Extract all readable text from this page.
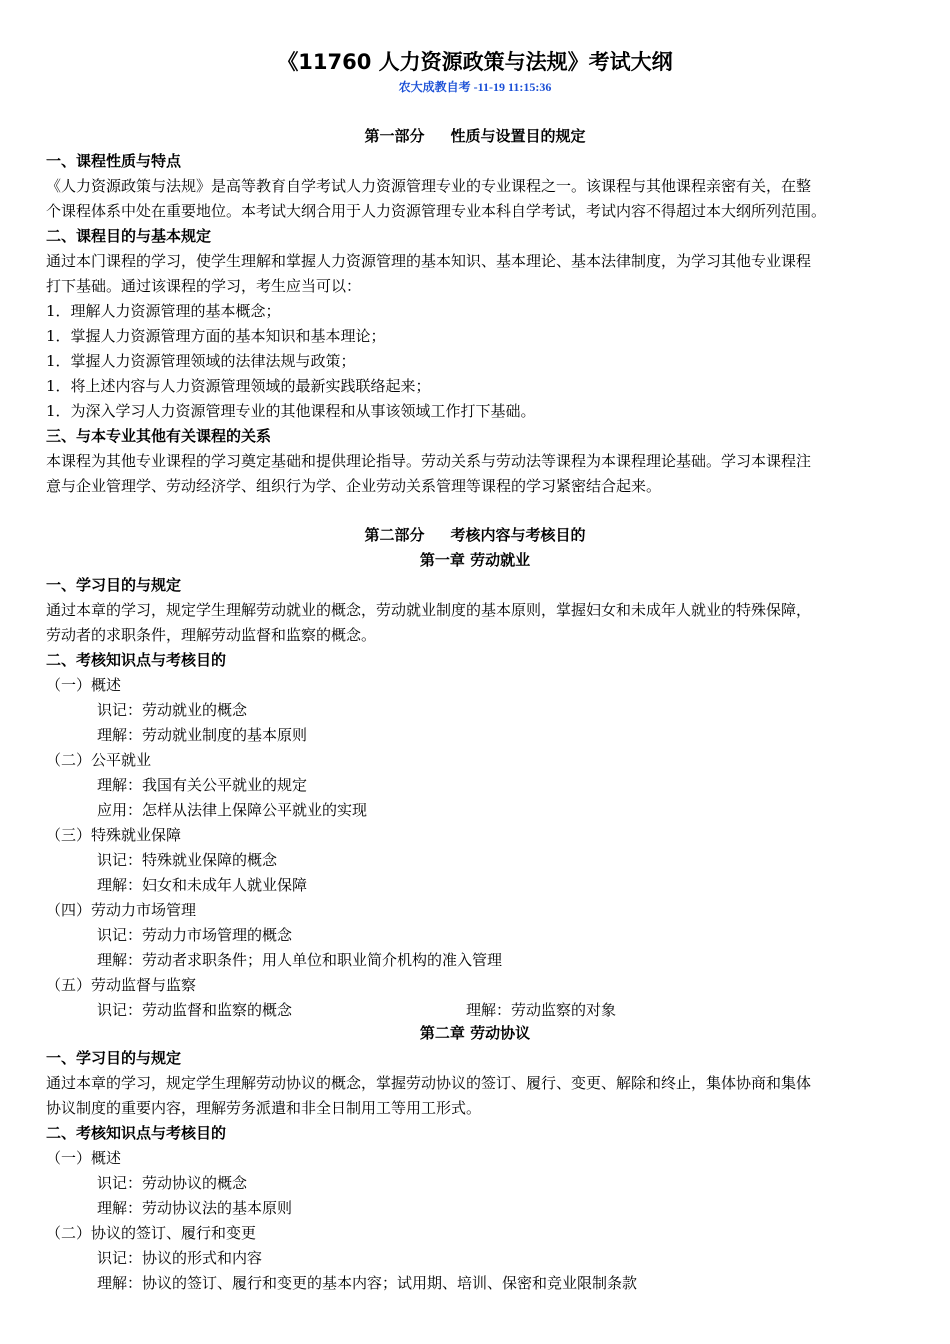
《11760 人力资源政策与法规》考试大纲
农大成教自考 -11-19 11:15:36
第一部分 性质与设置目的规定
一、课程性质与特点
《人力资源政策与法规》是高等教育自学考试人力资源管理专业的专业课程之一。该课程与其他课程亲密有关，在整
个课程体系中处在重要地位。本考试大纲合用于人力资源管理专业本科自学考试，考试内容不得超过本大纲所列范围。
二、课程目的与基本规定
通过本门课程的学习，使学生理解和掌握人力资源管理的基本知识、基本理论、基本法律制度，为学习其他专业课程
打下基础。通过该课程的学习，考生应当可以：
1．理解人力资源管理的基本概念；
1．掌握人力资源管理方面的基本知识和基本理论；
1．掌握人力资源管理领域的法律法规与政策；
1．将上述内容与人力资源管理领域的最新实践联络起来；
1．为深入学习人力资源管理专业的其他课程和从事该领域工作打下基础。
三、与本专业其他有关课程的关系
本课程为其他专业课程的学习奠定基础和提供理论指导。劳动关系与劳动法等课程为本课程理论基础。学习本课程注
意与企业管理学、劳动经济学、组织行为学、企业劳动关系管理等课程的学习紧密结合起来。
第二部分 考核内容与考核目的
第一章 劳动就业
一、学习目的与规定
通过本章的学习，规定学生理解劳动就业的概念，劳动就业制度的基本原则，掌握妇女和未成年人就业的特殊保障，
劳动者的求职条件，理解劳动监督和监察的概念。
二、考核知识点与考核目的
（一）概述
识记：劳动就业的概念
理解：劳动就业制度的基本原则
（二）公平就业
理解：我国有关公平就业的规定
应用：怎样从法律上保障公平就业的实现
（三）特殊就业保障
识记：特殊就业保障的概念
理解：妇女和未成年人就业保障
（四）劳动力市场管理
识记：劳动力市场管理的概念
理解：劳动者求职条件；用人单位和职业简介机构的准入管理
（五）劳动监督与监察
识记：劳动监督和监察的概念	理解：劳动监察的对象
第二章 劳动协议
一、学习目的与规定
通过本章的学习，规定学生理解劳动协议的概念，掌握劳动协议的签订、履行、变更、解除和终止，集体协商和集体
协议制度的重要内容，理解劳务派遣和非全日制用工等用工形式。
二、考核知识点与考核目的
（一）概述
识记：劳动协议的概念
理解：劳动协议法的基本原则
（二）协议的签订、履行和变更
识记：协议的形式和内容
理解：协议的签订、履行和变更的基本内容；试用期、培训、保密和竞业限制条款
